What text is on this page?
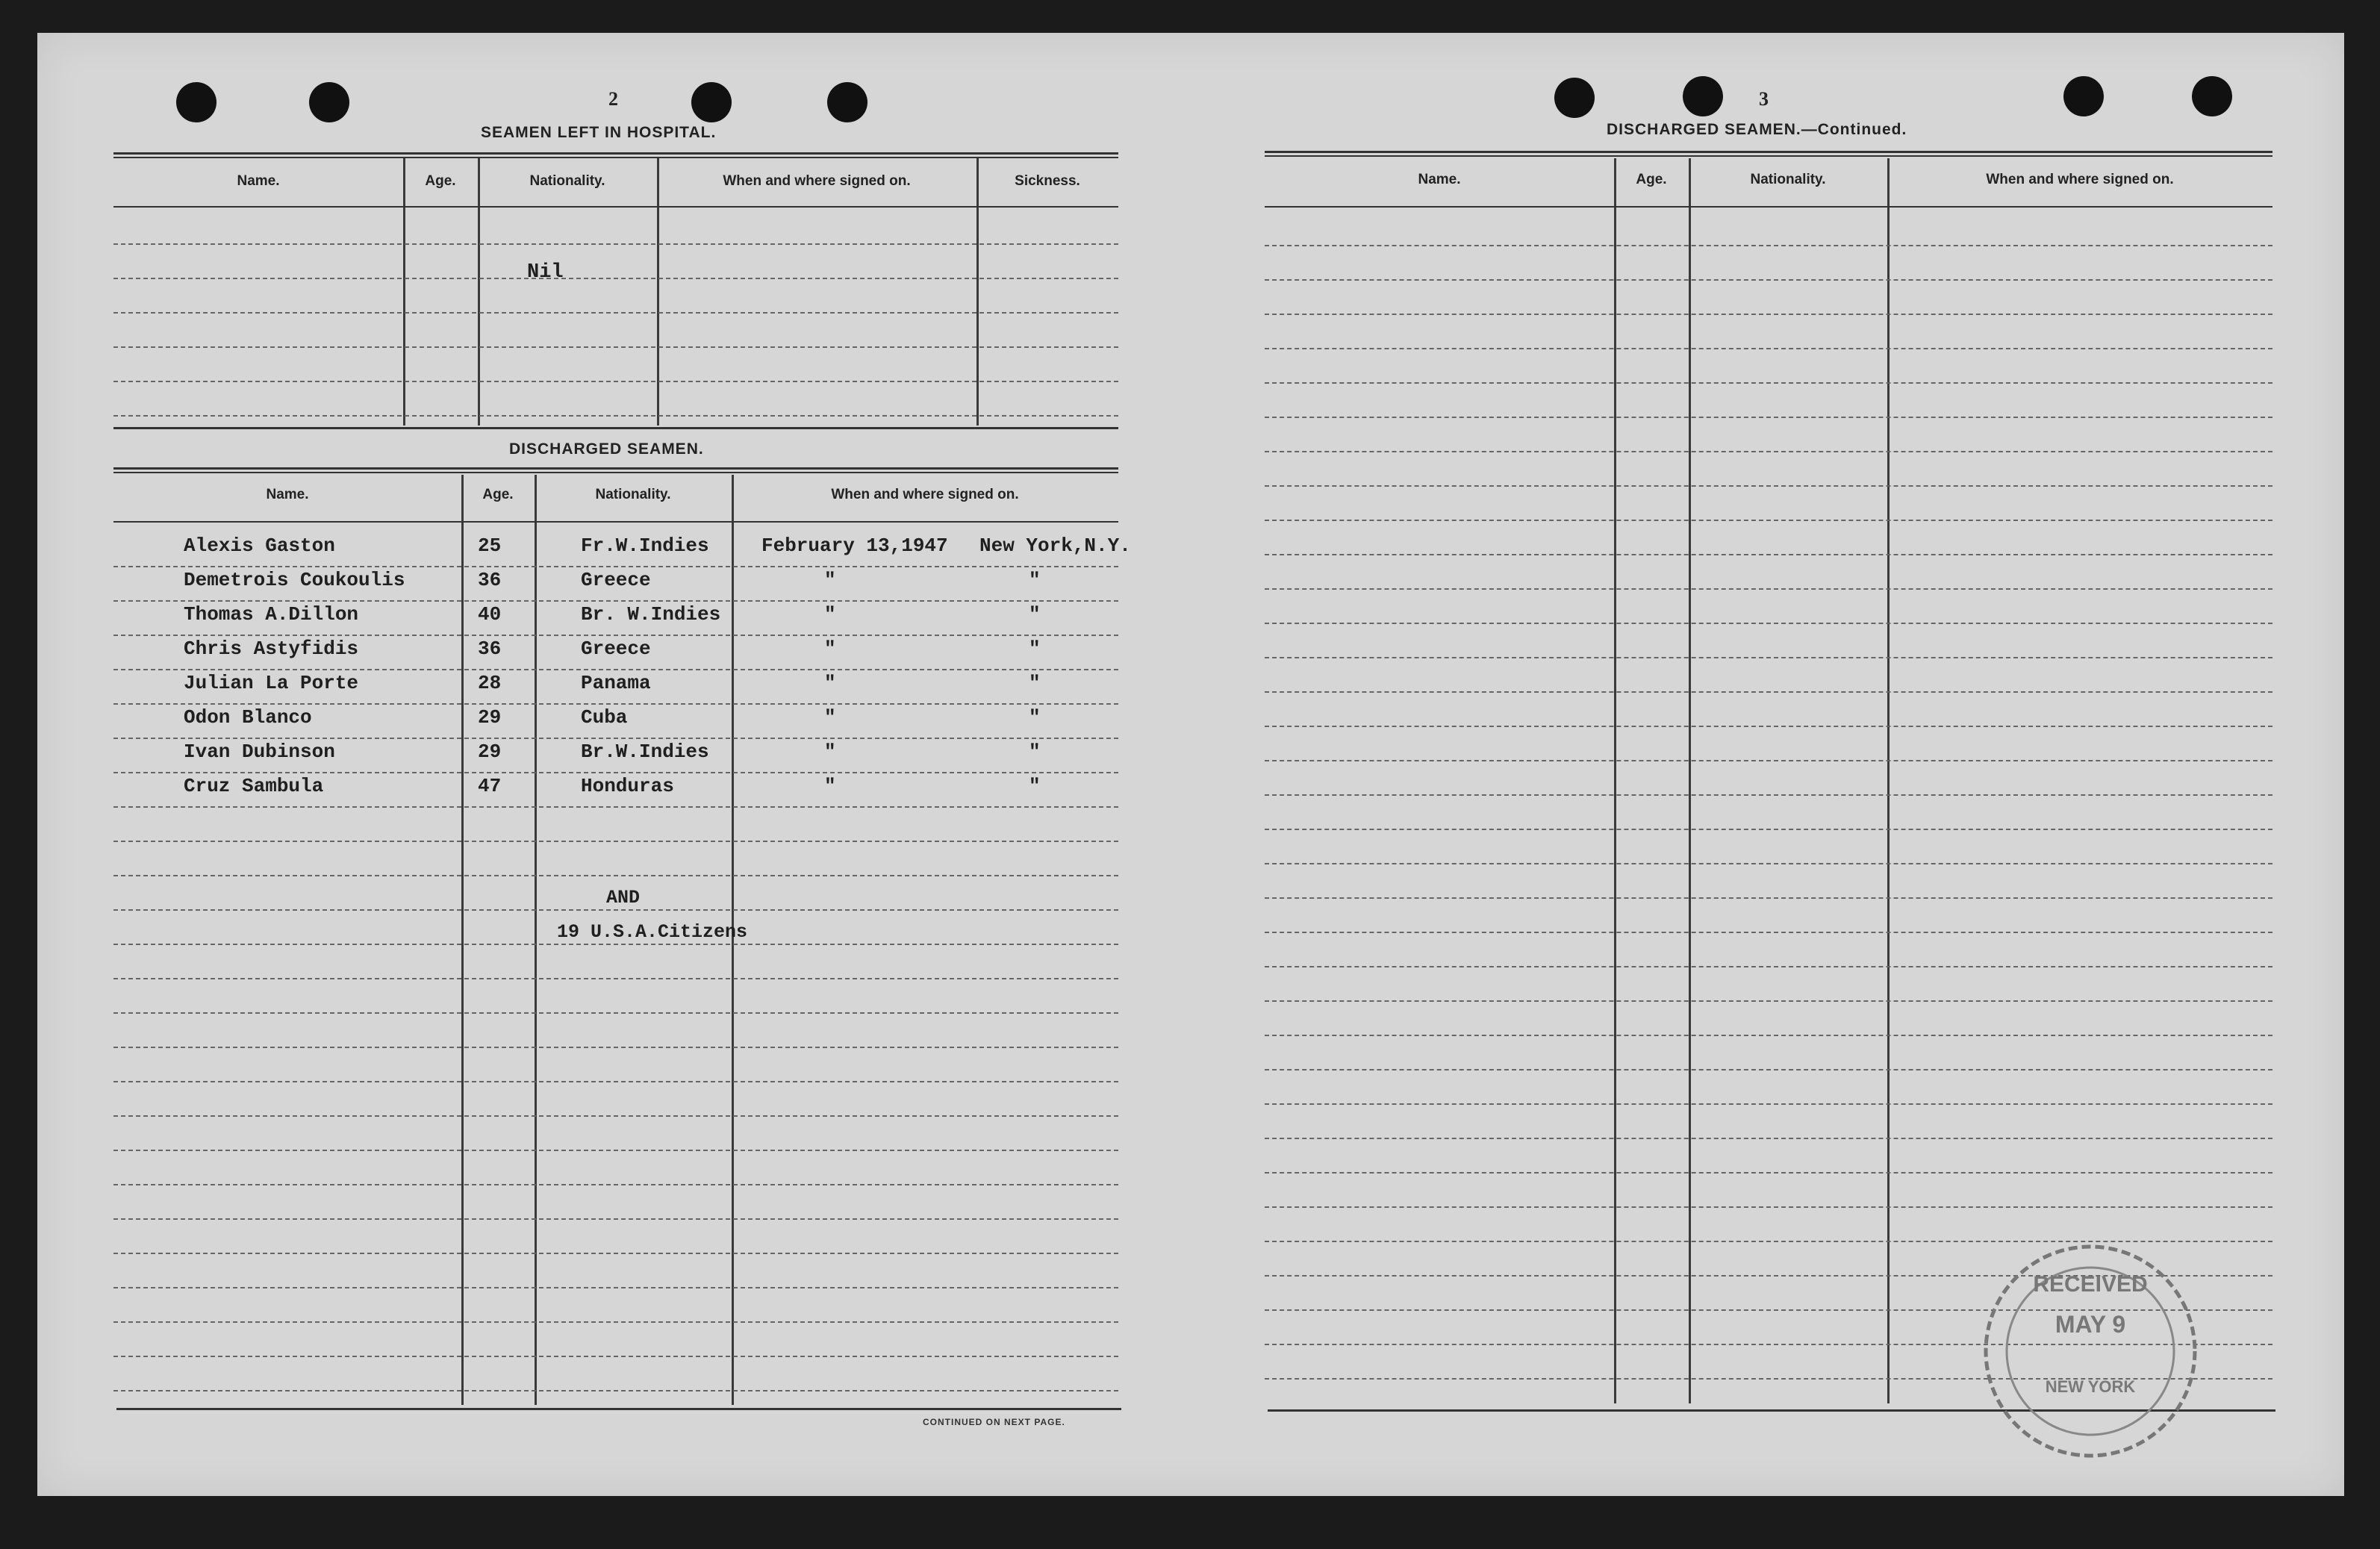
2
SEAMEN LEFT IN HOSPITAL.
Name.	Age.	Nationality.	When and where signed on.	Sickness.
Nil
DISCHARGED SEAMEN.
Name.	Age.	Nationality.	When and where signed on.
Alexis Gaston	25	Fr.W.Indies	February 13,1947 New York,N.Y.
Demetrois Coukoulis	36	Greece	"	"
Thomas A.Dillon	40	Br. W.Indies	"	"
Chris Astyfidis	36	Greece	"	"
Julian La Porte	28	Panama	"	"
Odon Blanco	29	Cuba	"	"
Ivan Dubinson	29	Br.W.Indies	"	"
Cruz Sambula	47	Honduras	"	"
AND
19 U.S.A.Citizens
CONTINUED ON NEXT PAGE.
3
DISCHARGED SEAMEN.—Continued.
Name.	Age.	Nationality.	When and where signed on.
RECEIVED
MAY 9
NEW YORK
